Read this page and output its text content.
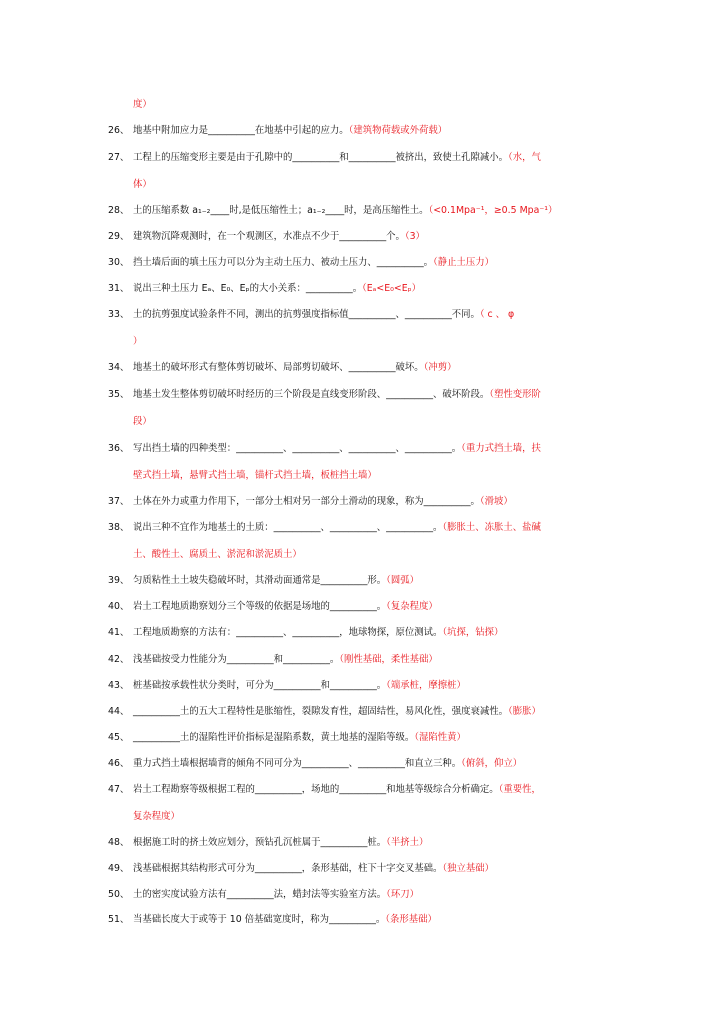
度）
26、 地基中附加应力是__________在地基中引起的应力。（建筑物荷载或外荷载）
27、 工程上的压缩变形主要是由于孔隙中的__________和__________被挤出，致使土孔隙减小。（水，气
体）
28、 土的压缩系数 a₁₋₂____时,是低压缩性土；a₁₋₂____时，是高压缩性土。（<0.1Mpa⁻¹，≥0.5 Mpa⁻¹）
29、 建筑物沉降观测时，在一个观测区，水准点不少于__________个。（3）
30、 挡土墙后面的填土压力可以分为主动土压力、被动土压力、__________。（静止土压力）
31、 说出三种土压力 Eₐ、E₀、Eₚ的大小关系：__________。（Eₐ<E₀<Eₚ）
33、 土的抗剪强度试验条件不同，测出的抗剪强度指标值__________、__________不同。（ c 、 φ
）
34、 地基土的破坏形式有整体剪切破坏、局部剪切破坏、__________破坏。（冲剪）
35、 地基土发生整体剪切破坏时经历的三个阶段是直线变形阶段、__________、破坏阶段。（塑性变形阶
段）
36、 写出挡土墙的四种类型：__________、__________、__________、__________。（重力式挡土墙，扶
壁式挡土墙，悬臂式挡土墙，锚杆式挡土墙，板桩挡土墙）
37、 土体在外力或重力作用下，一部分土相对另一部分土滑动的现象，称为__________。（滑坡）
38、 说出三种不宜作为地基土的土质：__________、__________、__________。（膨胀土、冻胀土、盐碱
土、酸性土、腐质土、淤泥和淤泥质土）
39、 匀质粘性土土坡失稳破坏时，其滑动面通常是__________形。（圆弧）
40、 岩土工程地质勘察划分三个等级的依据是场地的__________。（复杂程度）
41、 工程地质勘察的方法有：__________、__________，地球物探，原位测试。（坑探，钻探）
42、 浅基础按受力性能分为__________和__________。（刚性基础，柔性基础）
43、 桩基础按承载性状分类时，可分为__________和__________。（端承桩，摩擦桩）
44、 __________土的五大工程特性是胀缩性，裂隙发育性，超固结性，易风化性，强度衰减性。（膨胀）
45、 __________土的湿陷性评价指标是湿陷系数，黄土地基的湿陷等级。（湿陷性黄）
46、 重力式挡土墙根据墙背的倾角不同可分为__________、__________和直立三种。（俯斜，仰立）
47、 岩土工程勘察等级根据工程的__________，场地的__________和地基等级综合分析确定。（重要性，
复杂程度）
48、 根据施工时的挤土效应划分，预钻孔沉桩属于__________桩。（半挤土）
49、 浅基础根据其结构形式可分为__________，条形基础，柱下十字交叉基础。（独立基础）
50、 土的密实度试验方法有__________法，蜡封法等实验室方法。（环刀）
51、 当基础长度大于或等于 10 倍基础宽度时，称为__________。（条形基础）
